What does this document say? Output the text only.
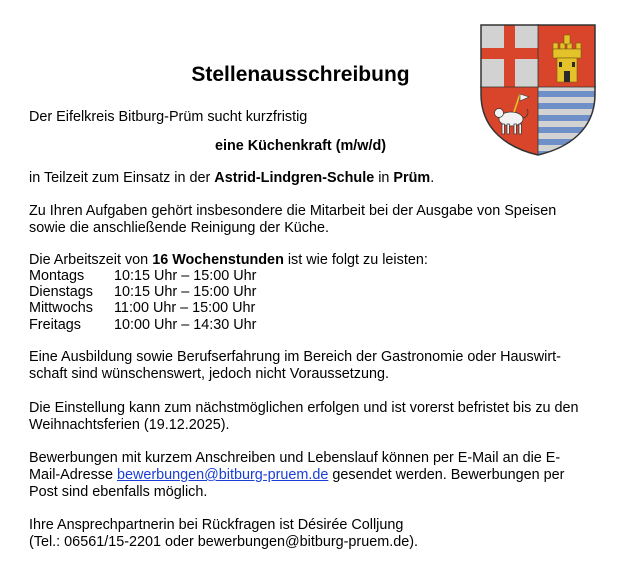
Stellenausschreibung
Der Eifelkreis Bitburg-Prüm sucht kurzfristig
eine Küchenkraft (m/w/d)
in Teilzeit zum Einsatz in der Astrid-Lindgren-Schule in Prüm.
Zu Ihren Aufgaben gehört insbesondere die Mitarbeit bei der Ausgabe von Speisen
sowie die anschließende Reinigung der Küche.
Die Arbeitszeit von 16 Wochenstunden ist wie folgt zu leisten:
Montags	10:15 Uhr – 15:00 Uhr
Dienstags	10:15 Uhr – 15:00 Uhr
Mittwochs	11:00 Uhr – 15:00 Uhr
Freitags	10:00 Uhr – 14:30 Uhr
Eine Ausbildung sowie Berufserfahrung im Bereich der Gastronomie oder Hauswirt-
schaft sind wünschenswert, jedoch nicht Voraussetzung.
Die Einstellung kann zum nächstmöglichen erfolgen und ist vorerst befristet bis zu den
Weihnachtsferien (19.12.2025).
Bewerbungen mit kurzem Anschreiben und Lebenslauf können per E-Mail an die E-
Mail-Adresse bewerbungen@bitburg-pruem.de gesendet werden. Bewerbungen per
Post sind ebenfalls möglich.
Ihre Ansprechpartnerin bei Rückfragen ist Désirée Colljung
(Tel.: 06561/15-2201 oder bewerbungen@bitburg-pruem.de).
